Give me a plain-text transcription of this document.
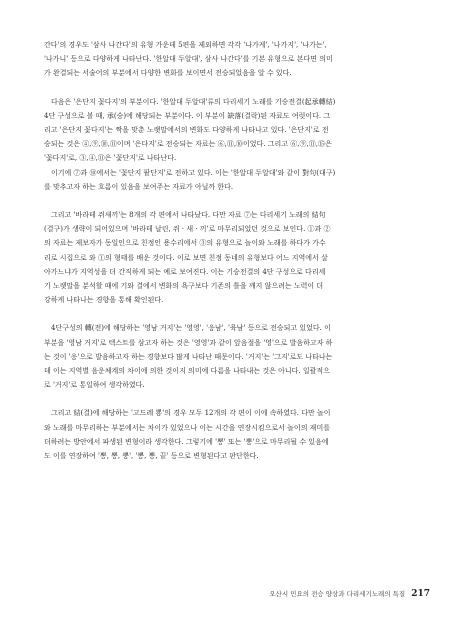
간다'의 경우도 '삼사 나간다'의 유형 가운데 5편을 제외하면 각각 '나가게', '나가지', '나가는',
'나가니' 등으로 다양하게 나타난다. '한알대 두알대', 삼사 나간다'를 기본 유형으로 본다면 의미
가 완결되는 서술어의 부분에서 다양한 변화를 보이면서 전승되었음을 알 수 있다.

다음은 '은단지 꽃다지'의 부분이다. '한알대 두알대'류의 다리세기 노래를 기승전결(起承轉結)
4단 구성으로 볼 때, 承(승)에 해당되는 부분이다. 이 부분이 缺落(결락)된 자료도 여럿이다. 그
리고 '은단지 꽃다지'는 짝을 맞춘 노랫말에서의 변화도 다양하게 나타나고 있다. '은단지'로 전
승되는 것은 ④,⑨,⑩,⑪이며 '은다지'로 전승되는 자료는 ⑥,⑪,⑩이었다. 그리고 ⑥,⑨,⑪,⑮은
'꽃다지'로, ③,④,⑪은 '꽃단지'로 나타난다.

이기에 ⑦과 ⑩에서는 '꽃단지 팥단지'로 전하고 있다. 이는 '한알대 두알대'와 같이 對句(대구)
를 맞추고자 하는 흐름이 있음을 보여주는 자료가 아닐까 한다.

그리고 '바라테 쥐새끼'는 8개의 각 편에서 나타났다. 다만 자료 ⑦는 다리세기 노래의 結句
(결구)가 생략이 되어있으며 '바라테 날린, 쥐 · 새 · 끼'로 마무리되었던 것으로 보인다. ①과 ②
의 자료는 제보자가 동일인으로 친정인 용수리에서 ③의 유형으로 놀이와 노래를 하다가 가수
리로 시집으로 와 ①의 형태를 배운 것이다. 이로 보면 친정 동네의 유형보다 어느 지역에서 살
아가느냐가 지역성을 더 간직하게 되는 예로 보여진다. 이는 기승전결의 4단 구성으로 다리세
기 노랫말을 분석할 때에 기와 결에서 변화의 욕구보다 기존의 틀을 깨지 않으려는 노력이 더
강하게 나타나는 경향을 통해 확인된다.

4단구성의 轉(전)에 해당하는 '영남 거지'는 '영영', '응남', '육남' 등으로 전승되고 있었다. 이
부분을 '영남 거지'로 텍스트를 삼고자 하는 것은 '영영'과 같이 앞음절을 '영'으로 발음하고자 하
는 것이 '응'으로 발음하고자 하는 경향보다 많게 나타난 때문이다. '거지'는 '그지'로도 나타나는
데 이는 지역별 음운체계의 차이에 의한 것이지 의미에 다름을 나타내는 것은 아니다. 일괄적으
로 '거지'로 통일하여 생각하였다.

그리고 結(결)에 해당하는 '고드레 뿅'의 경우 모두 12개의 각 편이 이에 속하였다. 다만 놀이
와 노래를 마무리하는 부분에서는 차이가 있었으나 이는 시간을 연장시킴으로서 놀이의 재미를
더하려는 방안에서 파생된 변형이라 생각한다. 그렇기에 '뽕' 또는 '뿡'으로 마무리될 수 있음에
도 이를 연장하여 '뽕, 뽕, 뿡', '뽕, 뽕, 끝' 등으로 변형된다고 판단한다.

오산시 민요의 전승 양상과 다리세기노래의 특질 217
